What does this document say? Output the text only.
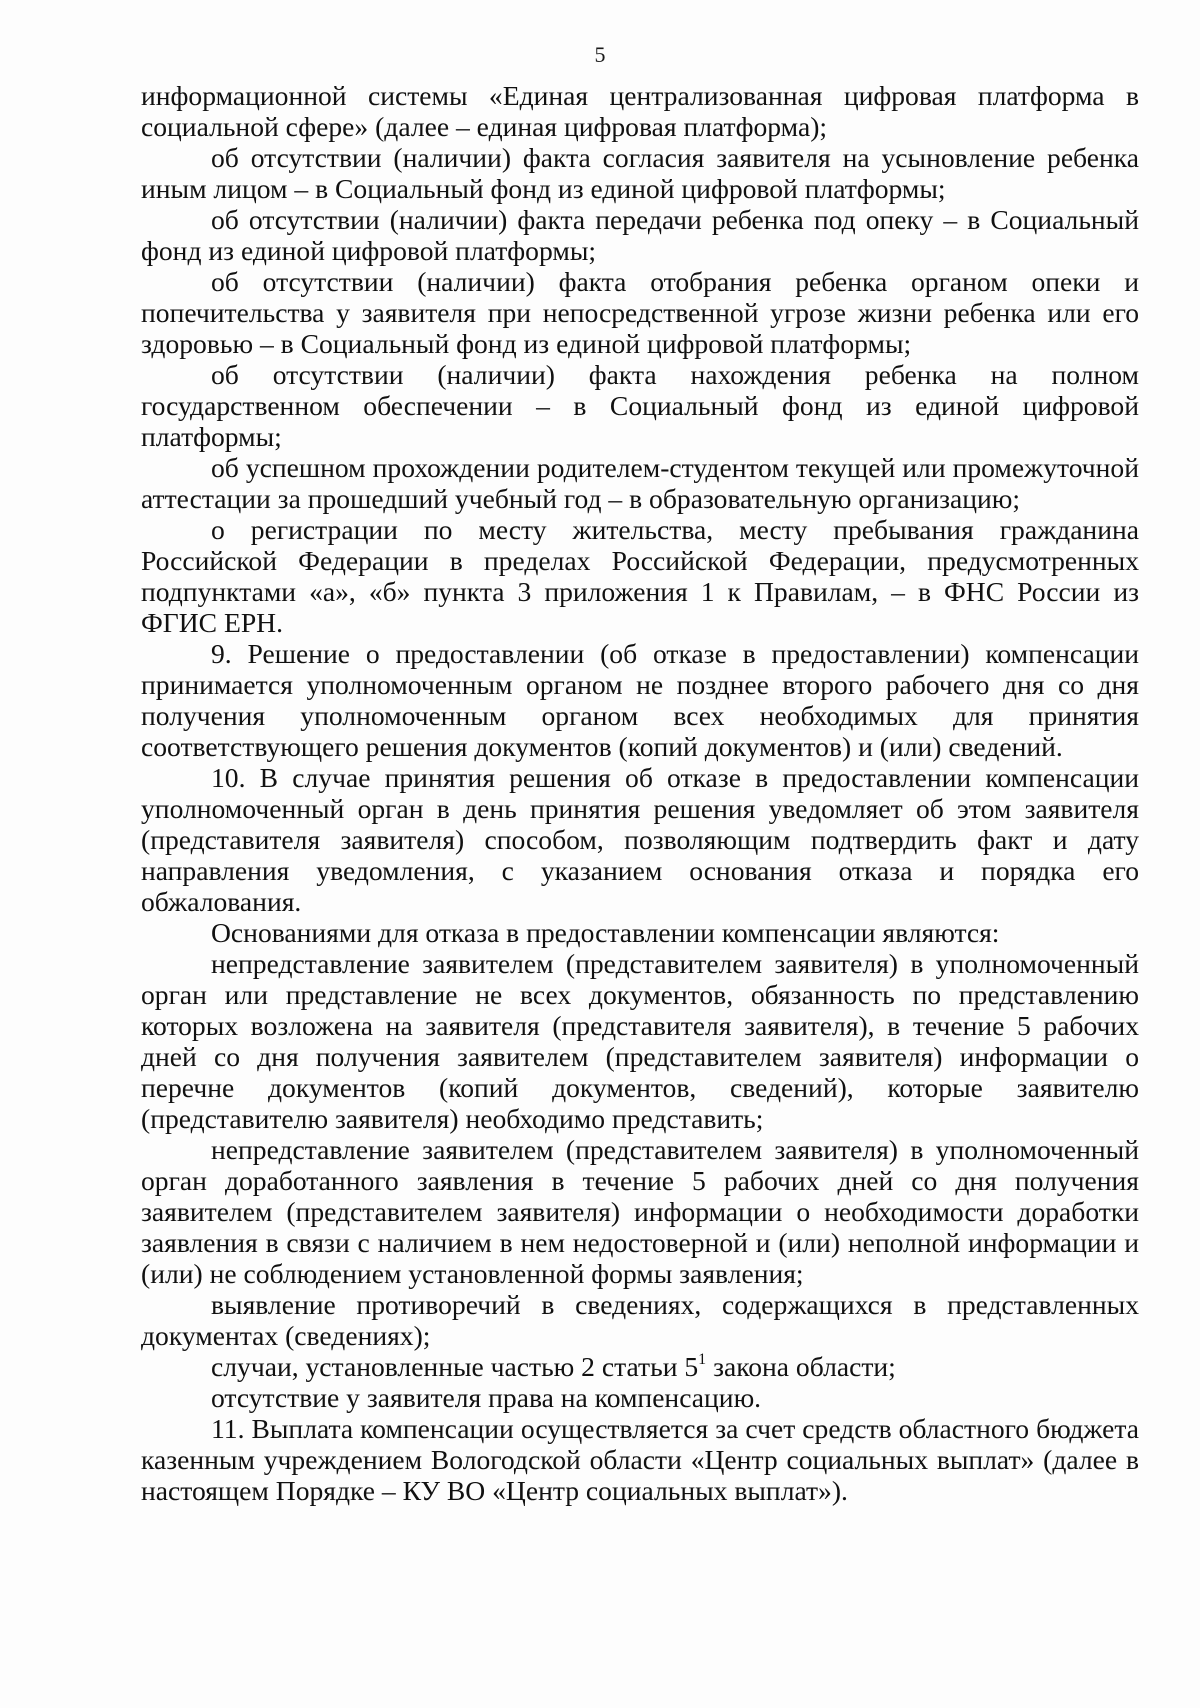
5

информационной системы «Единая централизованная цифровая платформа в социальной сфере» (далее – единая цифровая платформа);

об отсутствии (наличии) факта согласия заявителя на усыновление ребенка иным лицом – в Социальный фонд из единой цифровой платформы;

об отсутствии (наличии) факта передачи ребенка под опеку – в Социальный фонд из единой цифровой платформы;

об отсутствии (наличии) факта отобрания ребенка органом опеки и попечительства у заявителя при непосредственной угрозе жизни ребенка или его здоровью – в Социальный фонд из единой цифровой платформы;

об отсутствии (наличии) факта нахождения ребенка на полном государственном обеспечении – в Социальный фонд из единой цифровой платформы;

об успешном прохождении родителем-студентом текущей или промежуточной аттестации за прошедший учебный год – в образовательную организацию;

о регистрации по месту жительства, месту пребывания гражданина Российской Федерации в пределах Российской Федерации, предусмотренных подпунктами «а», «б» пункта 3 приложения 1 к Правилам, – в ФНС России из ФГИС ЕРН.

9. Решение о предоставлении (об отказе в предоставлении) компенсации принимается уполномоченным органом не позднее второго рабочего дня со дня получения уполномоченным органом всех необходимых для принятия соответствующего решения документов (копий документов) и (или) сведений.

10. В случае принятия решения об отказе в предоставлении компенсации уполномоченный орган в день принятия решения уведомляет об этом заявителя (представителя заявителя) способом, позволяющим подтвердить факт и дату направления уведомления, с указанием основания отказа и порядка его обжалования.

Основаниями для отказа в предоставлении компенсации являются:

непредставление заявителем (представителем заявителя) в уполномоченный орган или представление не всех документов, обязанность по представлению которых возложена на заявителя (представителя заявителя), в течение 5 рабочих дней со дня получения заявителем (представителем заявителя) информации о перечне документов (копий документов, сведений), которые заявителю (представителю заявителя) необходимо представить;

непредставление заявителем (представителем заявителя) в уполномоченный орган доработанного заявления в течение 5 рабочих дней со дня получения заявителем (представителем заявителя) информации о необходимости доработки заявления в связи с наличием в нем недостоверной и (или) неполной информации и (или) не соблюдением установленной формы заявления;

выявление противоречий в сведениях, содержащихся в представленных документах (сведениях);

случаи, установленные частью 2 статьи $5^1$ закона области;

отсутствие у заявителя права на компенсацию.

11. Выплата компенсации осуществляется за счет средств областного бюджета казенным учреждением Вологодской области «Центр социальных выплат» (далее в настоящем Порядке – КУ ВО «Центр социальных выплат»).
